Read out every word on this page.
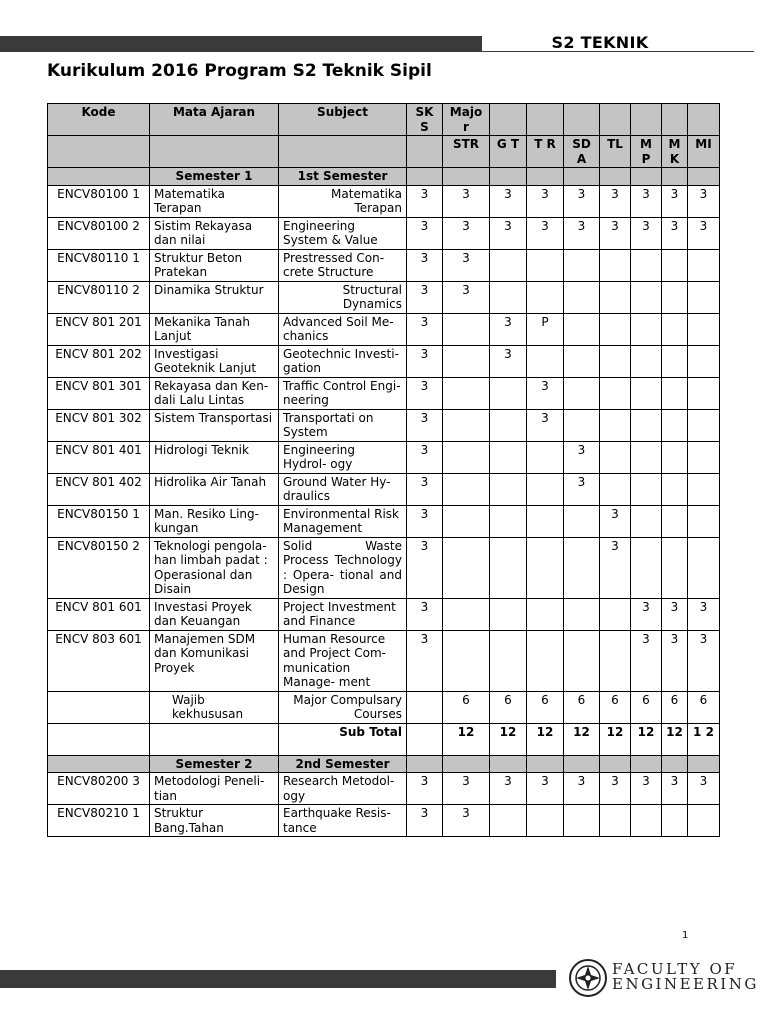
S2 TEKNIK
Kurikulum 2016 Program S2 Teknik Sipil
Kode	Mata Ajaran	Subject	SK S	Majo r							
				STR	G T	T R	SD A	TL	M P	M K	MI
	Semester 1	1st Semester									
ENCV80100 1	Matematika Terapan	Matematika Terapan	3	3	3	3	3	3	3	3	3
ENCV80100 2	Sistim Rekayasa dan nilai	Engineering System & Value	3	3	3	3	3	3	3	3	3
ENCV80110 1	Struktur Beton Pratekan	Prestressed Con- crete Structure	3	3							
ENCV80110 2	Dinamika Struktur	Structural Dynamics	3	3							
ENCV 801 201	Mekanika Tanah Lanjut	Advanced Soil Me- chanics	3		3	P					
ENCV 801 202	Investigasi Geoteknik Lanjut	Geotechnic Investi- gation	3		3						
ENCV 801 301	Rekayasa dan Ken- dali Lalu Lintas	Traffic Control Engi- neering	3			3					
ENCV 801 302	Sistem Transportasi	Transportati on System	3			3					
ENCV 801 401	Hidrologi Teknik	Engineering Hydrol- ogy	3				3				
ENCV 801 402	Hidrolika Air Tanah	Ground Water Hy- draulics	3				3				
ENCV80150 1	Man. Resiko Ling- kungan	Environmental Risk Management	3					3			
ENCV80150 2	Teknologi pengola- han limbah padat : Operasional dan Disain	Solid Waste Process Technology : Opera- tional and Design	3					3			
ENCV 801 601	Investasi Proyek dan Keuangan	Project Investment and Finance	3						3	3	3
ENCV 803 601	Manajemen SDM dan Komunikasi Proyek	Human Resource and Project Com- munication Manage- ment	3						3	3	3
	Wajib kekhususan	Major Compulsary Courses		6	6	6	6	6	6	6	6
		Sub Total		12	12	12	12	12	12	12	1 2
	Semester 2	2nd Semester									
ENCV80200 3	Metodologi Peneli- tian	Research Metodol- ogy	3	3	3	3	3	3	3	3	3
ENCV80210 1	Struktur Bang.Tahan	Earthquake Resis- tance	3	3							
1
FACULTY OF
ENGINEERING
